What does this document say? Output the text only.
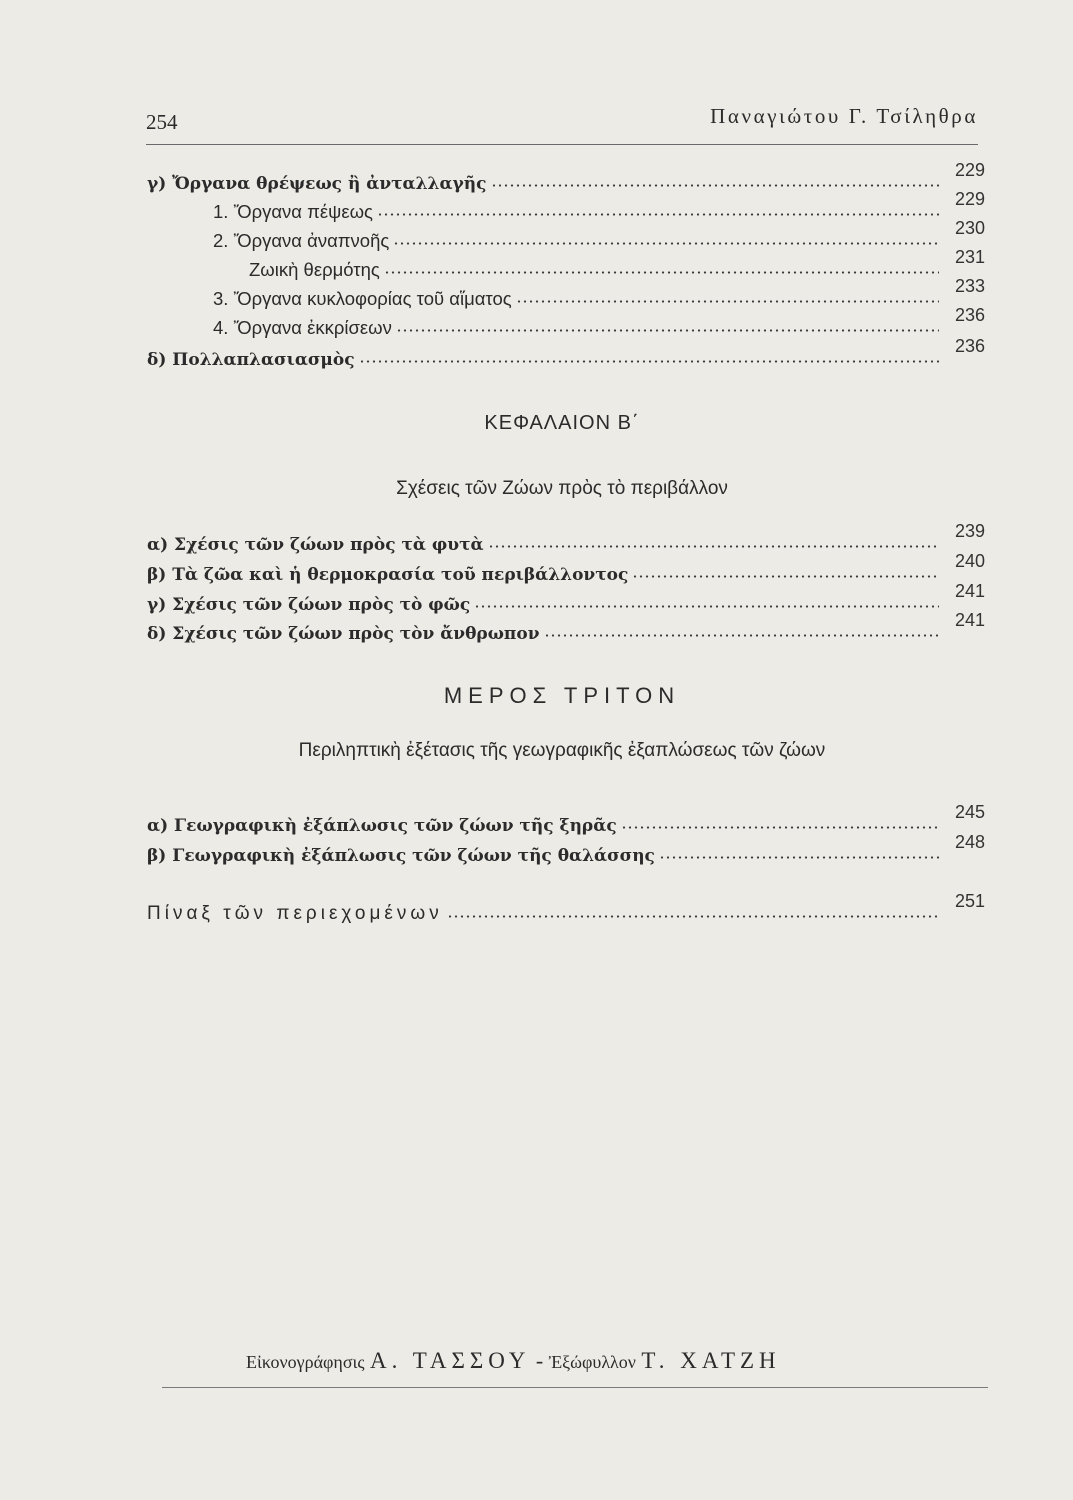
254	Παναγιώτου Γ. Τσίληθρα
γ) Ὄργανα θρέψεως ἢ ἀνταλλαγῆς
229
1. Ὄργανα πέψεως
229
2. Ὄργανα ἀναπνοῆς
230
Ζωικὴ θερμότης
231
3. Ὄργανα κυκλοφορίας τοῦ αἵματος
233
4. Ὄργανα ἐκκρίσεων
236
δ) Πολλαπλασιασμὸς
236
ΚΕΦΑΛΑΙΟΝ Β΄
Σχέσεις τῶν Ζώων πρὸς τὸ περιβάλλον
α) Σχέσις τῶν ζώων πρὸς τὰ φυτὰ
239
β) Τὰ ζῶα καὶ ἡ θερμοκρασία τοῦ περιβάλλοντος
240
γ) Σχέσις τῶν ζώων πρὸς τὸ φῶς
241
δ) Σχέσις τῶν ζώων πρὸς τὸν ἄνθρωπον
241
ΜΕΡΟΣ ΤΡΙΤΟΝ
Περιληπτικὴ ἐξέτασις τῆς γεωγραφικῆς ἐξαπλώσεως τῶν ζώων
α) Γεωγραφικὴ ἐξάπλωσις τῶν ζώων τῆς ξηρᾶς
245
β) Γεωγραφικὴ ἐξάπλωσις τῶν ζώων τῆς θαλάσσης
248
Πίναξ τῶν περιεχομένων
251
Εἰκονογράφησις Α. ΤΑΣΣΟΥ - Ἐξώφυλλον Τ. ΧΑΤΖΗ
